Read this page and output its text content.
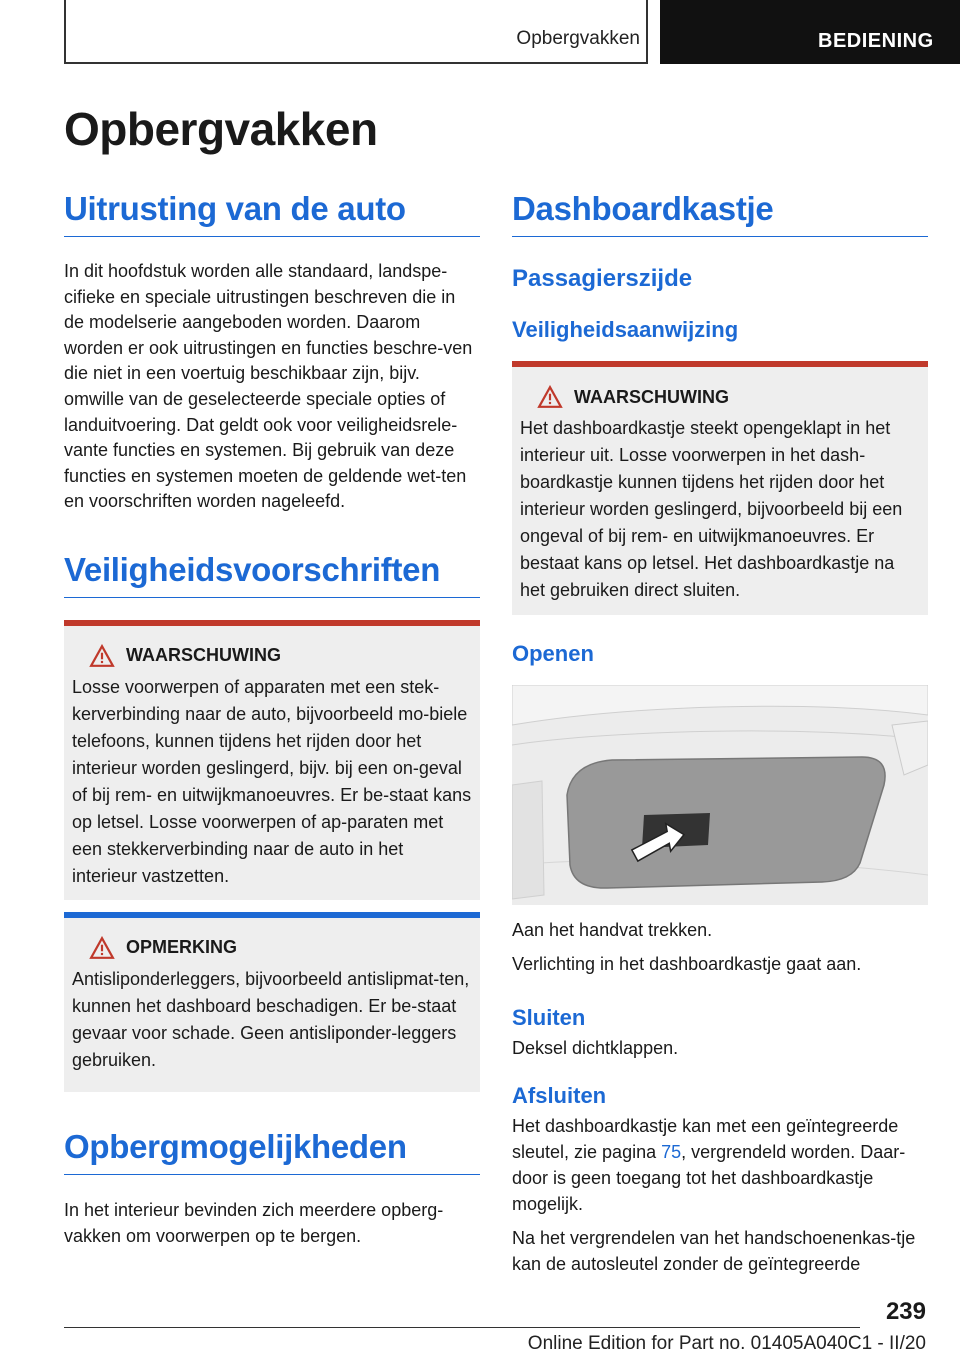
Opbergvakken	BEDIENING
Opbergvakken
Uitrusting van de auto

In dit hoofdstuk worden alle standaard, landspe-cifieke en speciale uitrustingen beschreven die in de modelserie aangeboden worden. Daarom worden er ook uitrustingen en functies beschre-ven die niet in een voertuig beschikbaar zijn, bijv. omwille van de geselecteerde speciale opties of landuitvoering. Dat geldt ook voor veiligheidsrele-vante functies en systemen. Bij gebruik van deze functies en systemen moeten de geldende wet-ten en voorschriften worden nageleefd.

Veiligheidsvoorschriften
WAARSCHUWING

Losse voorwerpen of apparaten met een stek-kerverbinding naar de auto, bijvoorbeeld mo-biele telefoons, kunnen tijdens het rijden door het interieur worden geslingerd, bijv. bij een on-geval of bij rem- en uitwijkmanoeuvres. Er be-staat kans op letsel. Losse voorwerpen of ap-paraten met een stekkerverbinding naar de auto in het interieur vastzetten.

OPMERKING

Antisliponderleggers, bijvoorbeeld antislipmat-ten, kunnen het dashboard beschadigen. Er be-staat gevaar voor schade. Geen antisliponder-leggers gebruiken.

Opbergmogelijkheden

In het interieur bevinden zich meerdere opberg-vakken om voorwerpen op te bergen.

Dashboardkastje
Passagierszijde
Veiligheidsaanwijzing
WAARSCHUWING

Het dashboardkastje steekt opengeklapt in het interieur uit. Losse voorwerpen in het dash-boardkastje kunnen tijdens het rijden door het interieur worden geslingerd, bijvoorbeeld bij een ongeval of bij rem- en uitwijkmanoeuvres. Er bestaat kans op letsel. Het dashboardkastje na het gebruiken direct sluiten.

Openen

Aan het handvat trekken.

Verlichting in het dashboardkastje gaat aan.

Sluiten

Deksel dichtklappen.

Afsluiten

Het dashboardkastje kan met een geïntegreerde sleutel, zie pagina 75, vergrendeld worden. Daar-door is geen toegang tot het dashboardkastje mogelijk.

Na het vergrendelen van het handschoenenkas-tje kan de autosleutel zonder de geïntegreerde

239
Online Edition for Part no. 01405A040C1 - II/20
